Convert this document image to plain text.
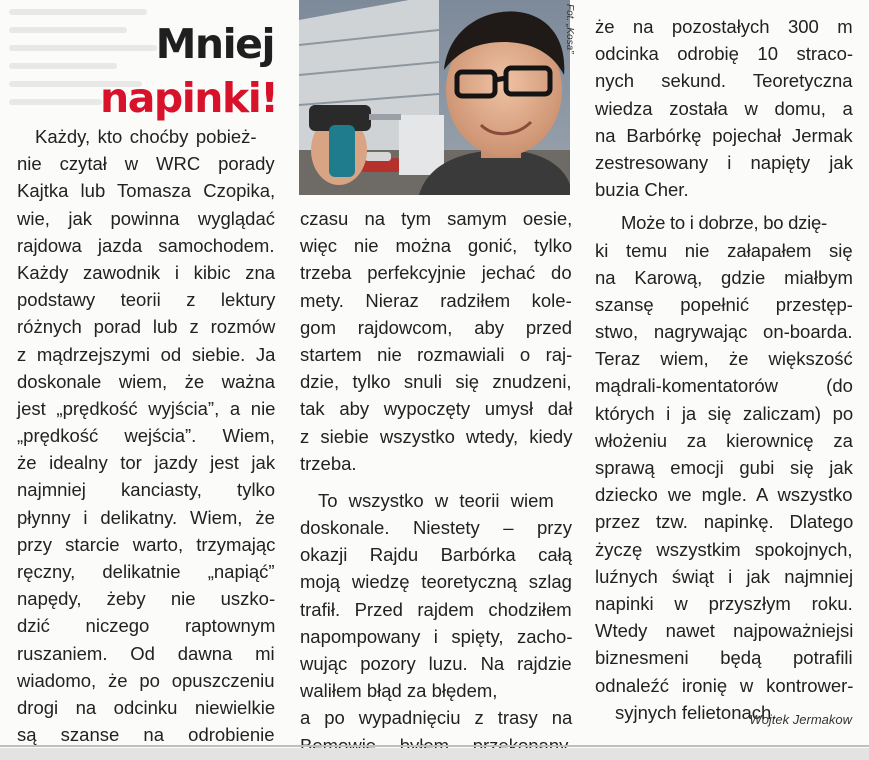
Mniej
napinki!
Fot. „Kosa”
Każdy, kto choćby pobież-
nie czytał w WRC porady
Kajtka lub Tomasza Czopika,
wie, jak powinna wyglądać
rajdowa jazda samochodem.
Każdy zawodnik i kibic zna
podstawy teorii z lektury
różnych porad lub z rozmów
z mądrzejszymi od siebie. Ja
doskonale wiem, że ważna
jest „prędkość wyjścia”, a nie
„prędkość wejścia”. Wiem,
że idealny tor jazdy jest jak
najmniej kanciasty, tylko
płynny i delikatny. Wiem, że
przy starcie warto, trzymając
ręczny, delikatnie „napiąć”
napędy, żeby nie uszko-
dzić niczego raptownym
ruszaniem. Od dawna mi
wiadomo, że po opuszczeniu
drogi na odcinku niewielkie
są szanse na odrobienie
czasu na tym samym oesie,
więc nie można gonić, tylko
trzeba perfekcyjnie jechać do
mety. Nieraz radziłem kole-
gom rajdowcom, aby przed
startem nie rozmawiali o raj-
dzie, tylko snuli się znudzeni,
tak aby wypoczęty umysł dał
z siebie wszystko wtedy, kiedy
trzeba.
To wszystko w teorii wiem
doskonale. Niestety – przy
okazji Rajdu Barbórka całą
moją wiedzę teoretyczną szlag
trafił. Przed rajdem chodziłem
napompowany i spięty, zacho-
wując pozory luzu. Na rajdzie
waliłem błąd za błędem,
a po wypadnięciu z trasy na
że na pozostałych 300 m
odcinka odrobię 10 straco-
nych sekund. Teoretyczna
wiedza została w domu, a
na Barbórkę pojechał Jermak
zestresowany i napięty jak
buzia Cher.
Może to i dobrze, bo dzię-
ki temu nie załapałem się
na Karową, gdzie miałbym
szansę popełnić przestęp-
stwo, nagrywając on-boarda.
Teraz wiem, że większość
mądrali-komentatorów (do
których i ja się zaliczam) po
włożeniu za kierownicę za
sprawą emocji gubi się jak
dziecko we mgle. A wszystko
przez tzw. napinkę. Dlatego
życzę wszystkim spokojnych,
luźnych świąt i jak najmniej
napinki w przyszłym roku.
Wtedy nawet najpoważniejsi
biznesmeni będą potrafili
odnaleźć ironię w kontrower-
syjnych felietonach.
Wojtek Jermakow
